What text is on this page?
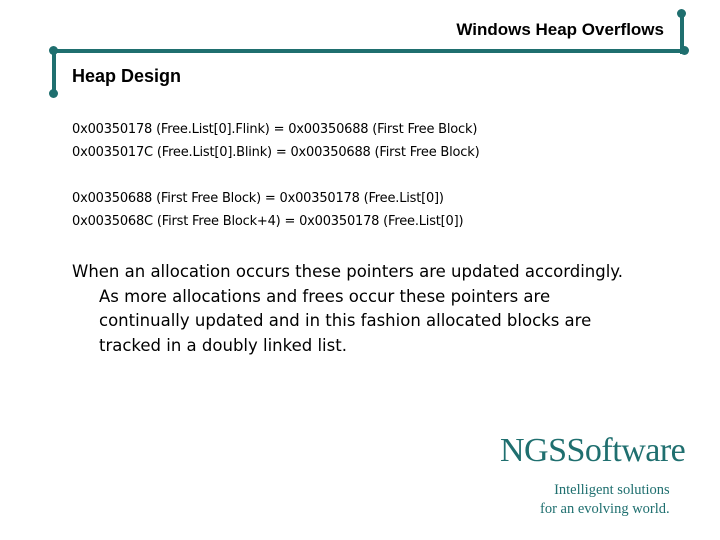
Windows Heap Overflows
Heap Design
0x00350178 (Free.List[0].Flink) = 0x00350688 (First Free Block)
0x0035017C (Free.List[0].Blink) = 0x00350688 (First Free Block)
0x00350688 (First Free Block) = 0x00350178 (Free.List[0])
0x0035068C (First Free Block+4) = 0x00350178 (Free.List[0])
When an allocation occurs these pointers are updated accordingly.
As more allocations and frees occur these pointers are
continually updated and in this fashion allocated blocks are
tracked in a doubly linked list.
NGSSoftware
Intelligent solutions
for an evolving world.
